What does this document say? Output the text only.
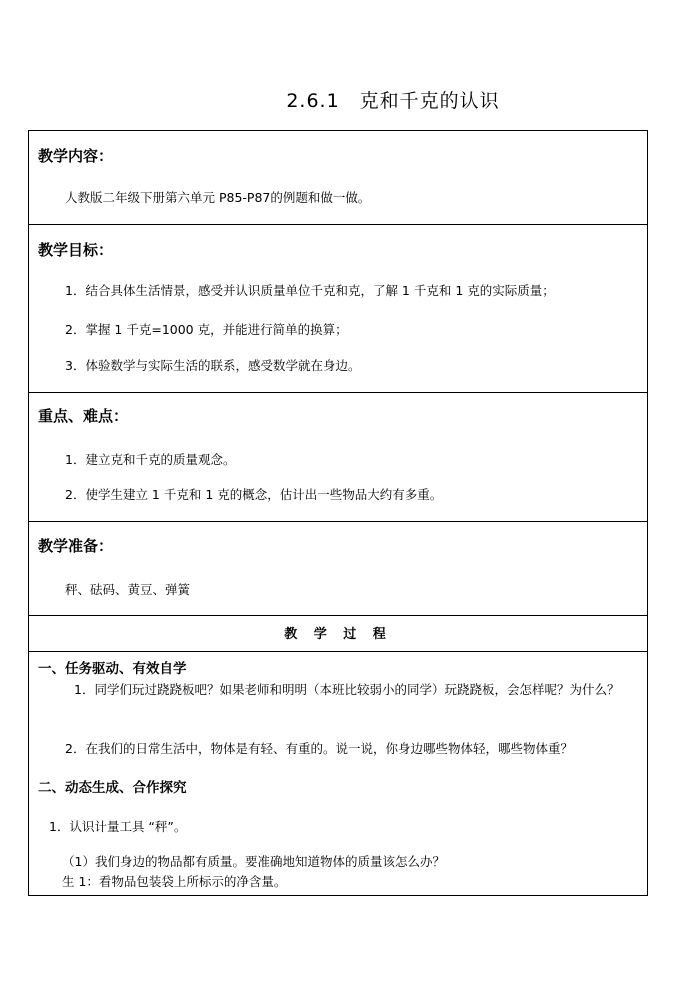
2.6.1　克和千克的认识
教学内容：
人教版二年级下册第六单元 P85-P87的例题和做一做。
教学目标：
1．结合具体生活情景，感受并认识质量单位千克和克，了解 1 千克和 1 克的实际质量；
2．掌握 1 千克=1000 克，并能进行简单的换算；
3．体验数学与实际生活的联系，感受数学就在身边。
重点、难点：
1．建立克和千克的质量观念。
2．使学生建立 1 千克和 1 克的概念，估计出一些物品大约有多重。
教学准备：
秤、砝码、黄豆、弹簧
教 学 过 程
一、任务驱动、有效自学
1．同学们玩过跷跷板吧？如果老师和明明（本班比较弱小的同学）玩跷跷板，会怎样呢？为什么？
2．在我们的日常生活中，物体是有轻、有重的。说一说，你身边哪些物体轻，哪些物体重？
二、动态生成、合作探究
1．认识计量工具 “秤”。
（1）我们身边的物品都有质量。要准确地知道物体的质量该怎么办？
生 1：看物品包装袋上所标示的净含量。
